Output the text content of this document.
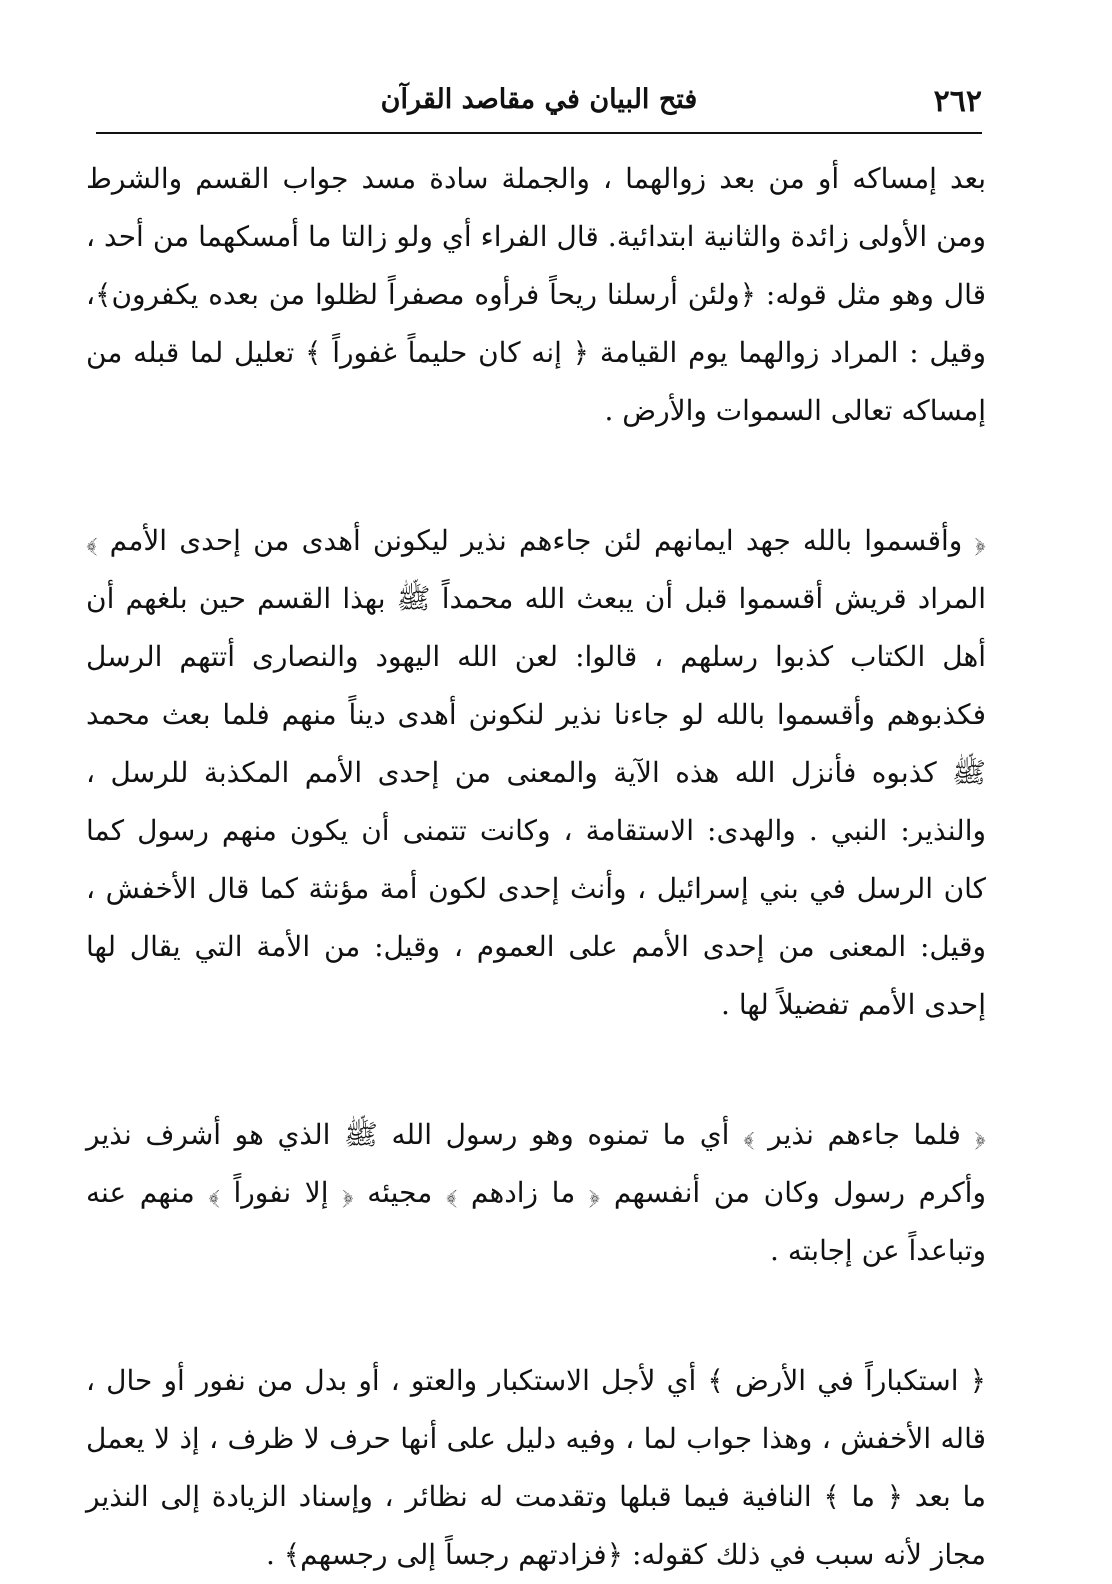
٢٦٢
فتح البيان في مقاصد القرآن

بعد إمساكه أو من بعد زوالهما ، والجملة سادة مسد جواب القسم والشرط ومن الأولى زائدة والثانية ابتدائية. قال الفراء أي ولو زالتا ما أمسكهما من أحد ، قال وهو مثل قوله: ﴿ولئن أرسلنا ريحاً فرأوه مصفراً لظلوا من بعده يكفرون﴾، وقيل : المراد زوالهما يوم القيامة ﴿ إنه كان حليماً غفوراً ﴾ تعليل لما قبله من إمساكه تعالى السموات والأرض .

﴿ وأقسموا بالله جهد ايمانهم لئن جاءهم نذير ليكونن أهدى من إحدى الأمم ﴾ المراد قريش أقسموا قبل أن يبعث الله محمداً ﷺ بهذا القسم حين بلغهم أن أهل الكتاب كذبوا رسلهم ، قالوا: لعن الله اليهود والنصارى أتتهم الرسل فكذبوهم وأقسموا بالله لو جاءنا نذير لنكونن أهدى ديناً منهم فلما بعث محمد ﷺ كذبوه فأنزل الله هذه الآية والمعنى من إحدى الأمم المكذبة للرسل ، والنذير: النبي . والهدى: الاستقامة ، وكانت تتمنى أن يكون منهم رسول كما كان الرسل في بني إسرائيل ، وأنث إحدى لكون أمة مؤنثة كما قال الأخفش ، وقيل: المعنى من إحدى الأمم على العموم ، وقيل: من الأمة التي يقال لها إحدى الأمم تفضيلاً لها .

﴿ فلما جاءهم نذير ﴾ أي ما تمنوه وهو رسول الله ﷺ الذي هو أشرف نذير وأكرم رسول وكان من أنفسهم ﴿ ما زادهم ﴾ مجيئه ﴿ إلا نفوراً ﴾ منهم عنه وتباعداً عن إجابته .

﴿ استكباراً في الأرض ﴾ أي لأجل الاستكبار والعتو ، أو بدل من نفور أو حال ، قاله الأخفش ، وهذا جواب لما ، وفيه دليل على أنها حرف لا ظرف ، إذ لا يعمل ما بعد ﴿ ما ﴾ النافية فيما قبلها وتقدمت له نظائر ، وإسناد الزيادة إلى النذير مجاز لأنه سبب في ذلك كقوله: ﴿فزادتهم رجساً إلى رجسهم﴾ .
